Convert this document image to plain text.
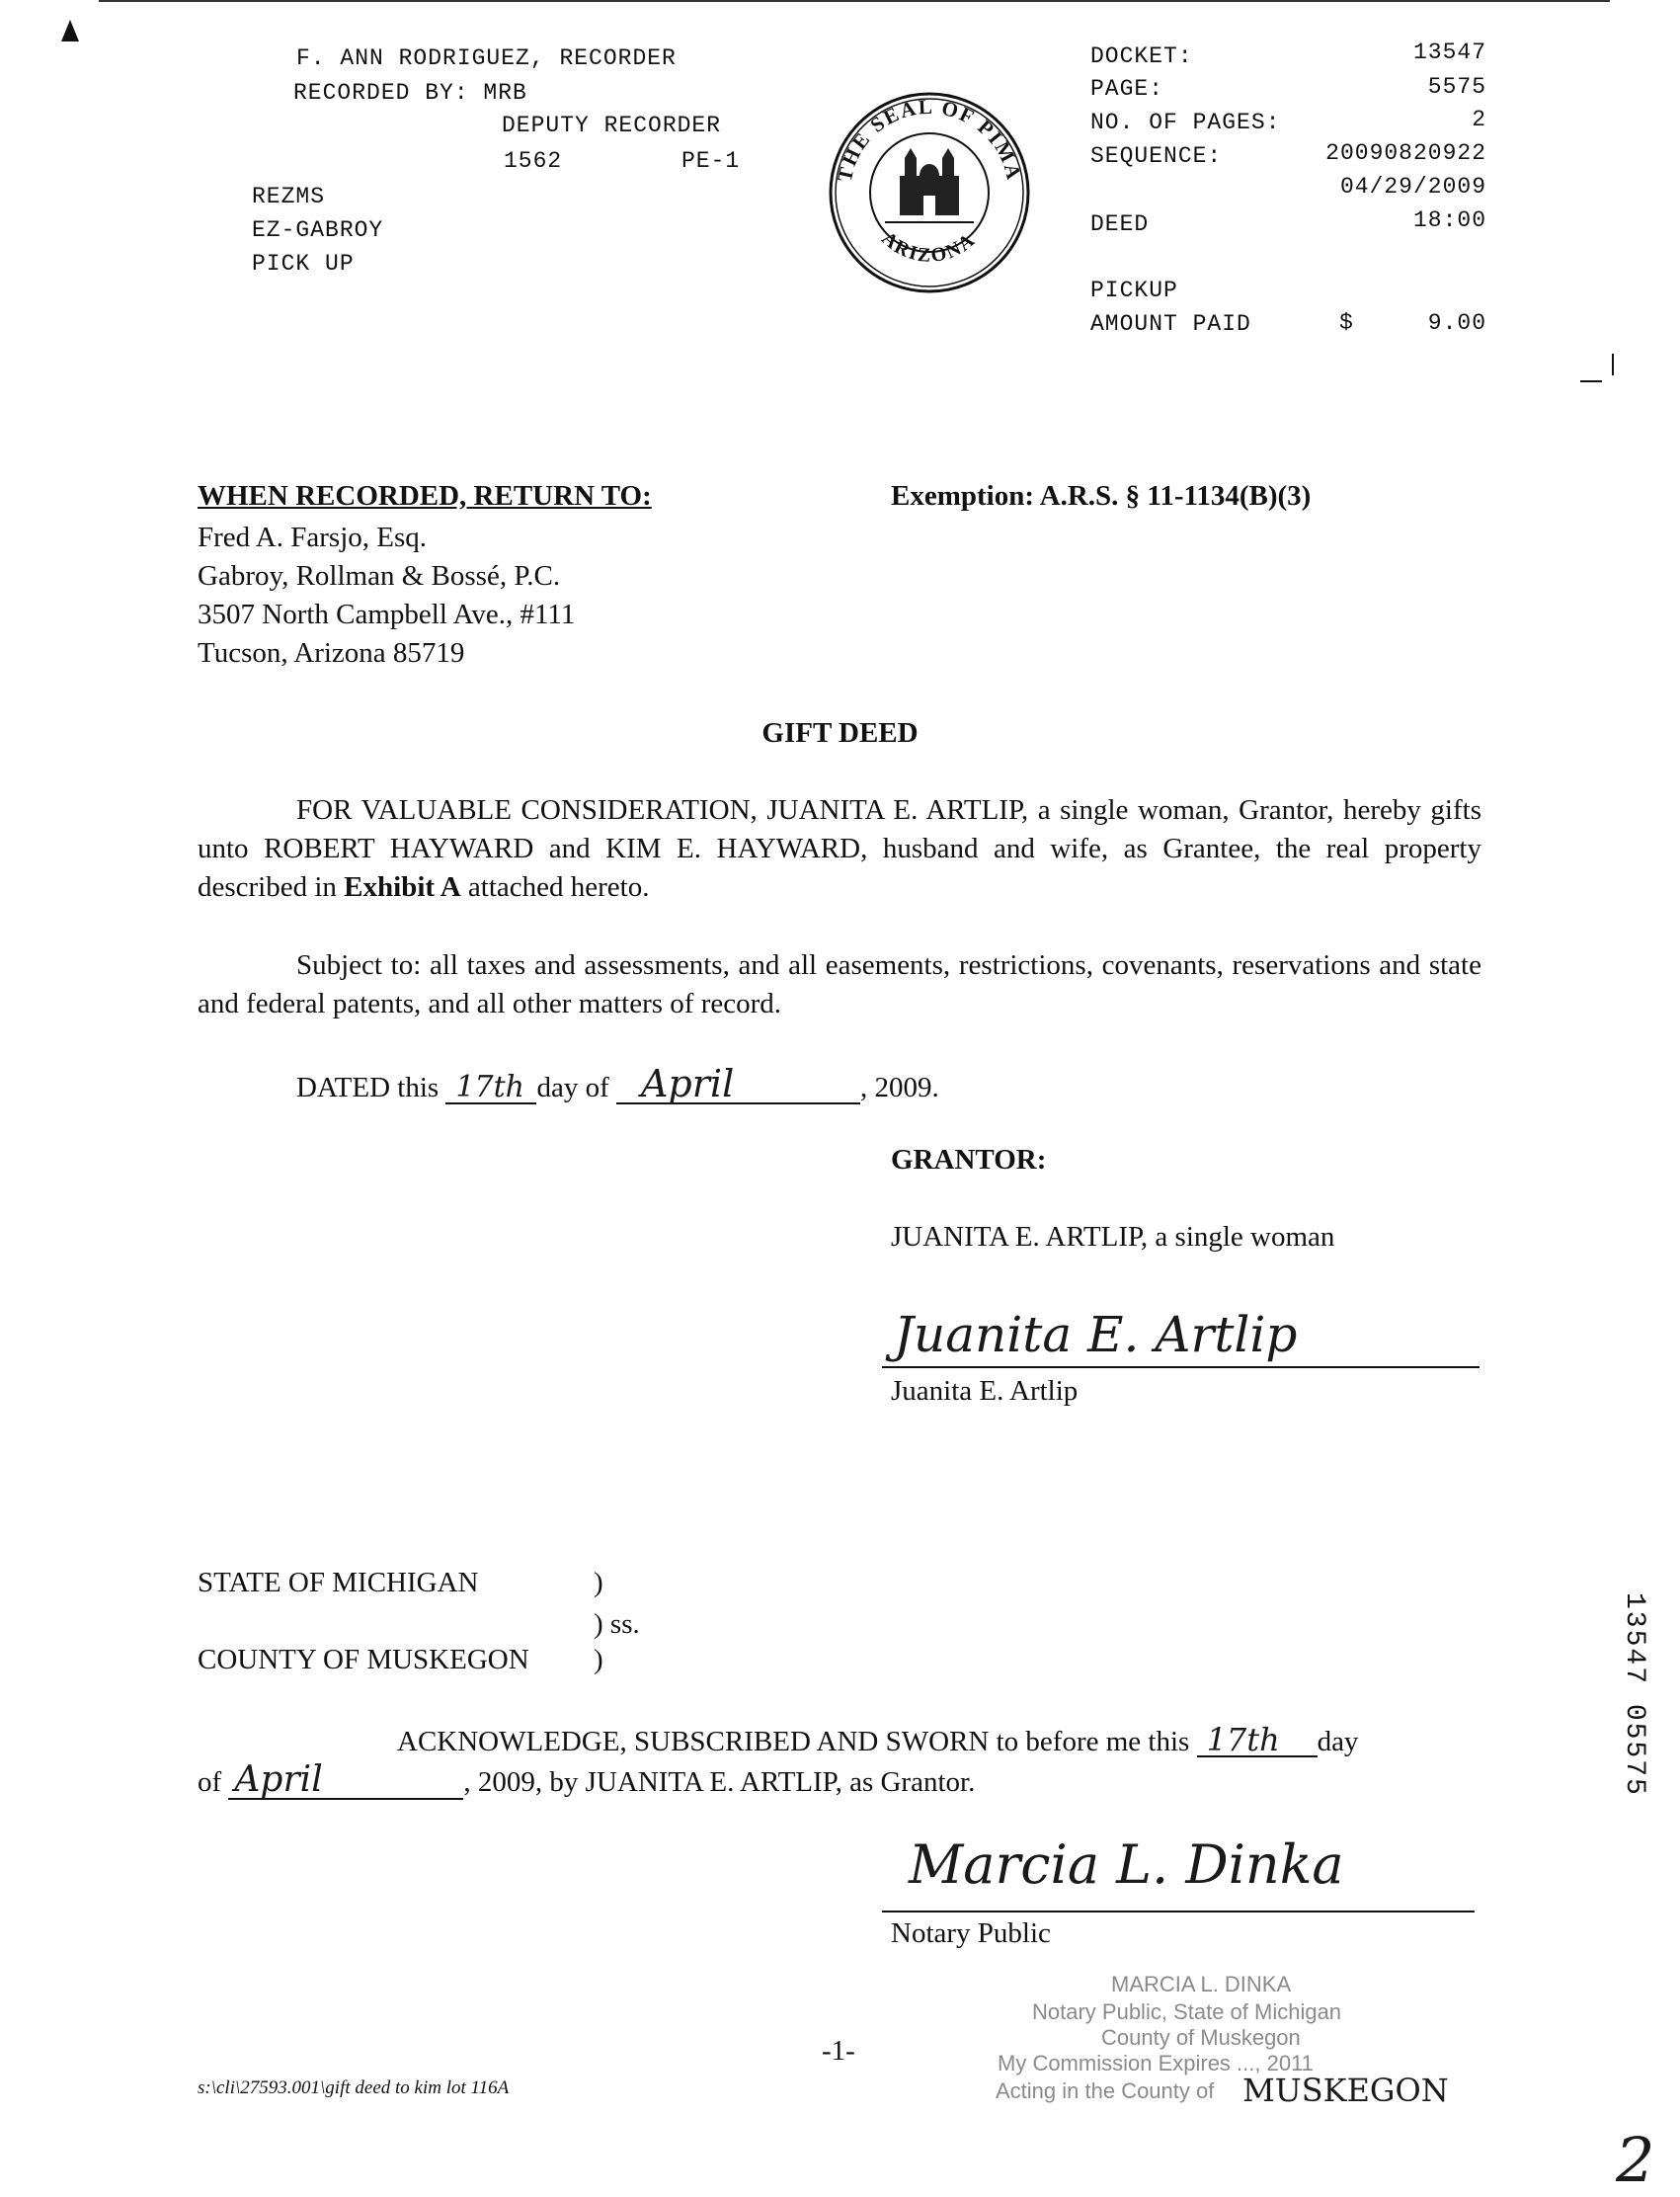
F. ANN RODRIGUEZ, RECORDER
RECORDED BY: MRB
DEPUTY RECORDER
1562	PE-1
REZMS
EZ-GABROY
PICK UP
THE SEAL OF PIMA
ARIZONA
DOCKET:	13547
PAGE:	5575
NO. OF PAGES:	2
SEQUENCE:	20090820922
04/29/2009
DEED	18:00
PICKUP
AMOUNT PAID	$	9.00
WHEN RECORDED, RETURN TO:
Fred A. Farsjo, Esq.
Gabroy, Rollman & Bossé, P.C.
3507 North Campbell Ave., #111
Tucson, Arizona 85719
Exemption: A.R.S. § 11-1134(B)(3)
GIFT DEED
FOR VALUABLE CONSIDERATION, JUANITA E. ARTLIP, a single woman, Grantor, hereby gifts unto ROBERT HAYWARD and KIM E. HAYWARD, husband and wife, as Grantee, the real property described in Exhibit A attached hereto.
Subject to: all taxes and assessments, and all easements, restrictions, covenants, reservations and state and federal patents, and all other matters of record.
DATED this 17th day of April	, 2009.
GRANTOR:
JUANITA E. ARTLIP, a single woman
Juanita E. Artlip
Juanita E. Artlip
STATE OF MICHIGAN	)
) ss.
COUNTY OF MUSKEGON )
ACKNOWLEDGE, SUBSCRIBED AND SWORN to before me this 17th day
of April	, 2009, by JUANITA E. ARTLIP, as Grantor.
Marcia L. Dinka
Notary Public
MARCIA L. DINKA
Notary Public, State of Michigan
County of Muskegon
My Commission Expires ..., 2011
Acting in the County of MUSKEGON
-1-
s:\cli\27593.001\gift deed to kim lot 116A
13547 05575
2
